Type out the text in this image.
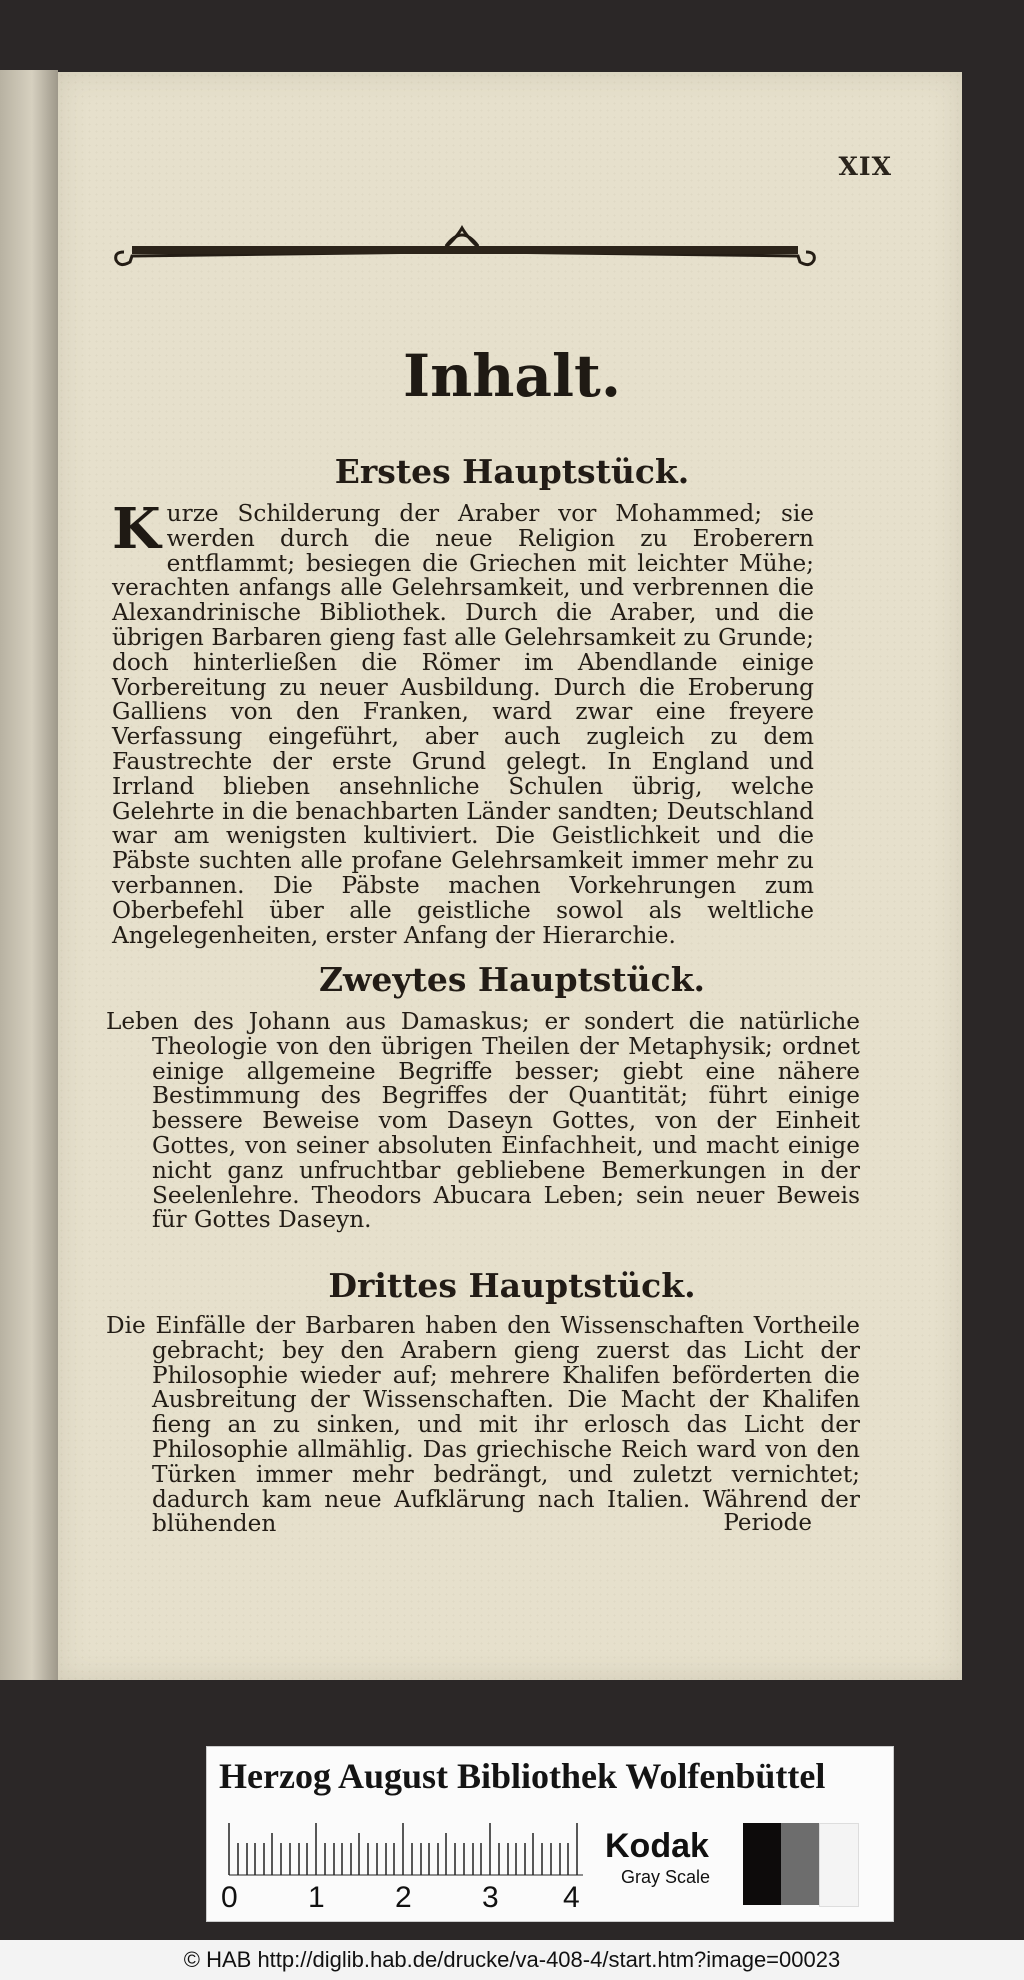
XIX
Inhalt.
Erstes Hauptstück.

Kurze Schilderung der Araber vor Mohammed; sie werden durch die neue Religion zu Eroberern entflammt; besiegen die Griechen mit leichter Mühe; verachten anfangs alle Gelehrsamkeit, und verbrennen die Alexandrinische Bibliothek. Durch die Araber, und die übrigen Barbaren gieng fast alle Gelehrsamkeit zu Grunde; doch hinterließen die Römer im Abendlande einige Vorbereitung zu neuer Ausbildung. Durch die Eroberung Galliens von den Franken, ward zwar eine freyere Verfassung eingeführt, aber auch zugleich zu dem Faustrechte der erste Grund gelegt. In England und Irrland blieben ansehnliche Schulen übrig, welche Gelehrte in die benachbarten Länder sandten; Deutschland war am wenigsten kultiviert. Die Geistlichkeit und die Päbste suchten alle profane Gelehrsamkeit immer mehr zu verbannen. Die Päbste machen Vorkehrungen zum Oberbefehl über alle geistliche sowol als weltliche Angelegenheiten, erster Anfang der Hierarchie.

Zweytes Hauptstück.

Leben des Johann aus Damaskus; er sondert die natürliche Theologie von den übrigen Theilen der Metaphysik; ordnet einige allgemeine Begriffe besser; giebt eine nähere Bestimmung des Begriffes der Quantität; führt einige bessere Beweise vom Daseyn Gottes, von der Einheit Gottes, von seiner absoluten Einfachheit, und macht einige nicht ganz unfruchtbar gebliebene Bemerkungen in der Seelenlehre. Theodors Abucara Leben; sein neuer Beweis für Gottes Daseyn.

Drittes Hauptstück.

Die Einfälle der Barbaren haben den Wissenschaften Vortheile gebracht; bey den Arabern gieng zuerst das Licht der Philosophie wieder auf; mehrere Khalifen beförderten die Ausbreitung der Wissenschaften. Die Macht der Khalifen fieng an zu sinken, und mit ihr erlosch das Licht der Philosophie allmählig. Das griechische Reich ward von den Türken immer mehr bedrängt, und zuletzt vernichtet; dadurch kam neue Aufklärung nach Italien. Während der blühenden	Periode
Herzog August Bibliothek Wolfenbüttel
0 1 2 3 4
Kodak
Gray Scale
© HAB http://diglib.hab.de/drucke/va-408-4/start.htm?image=00023
